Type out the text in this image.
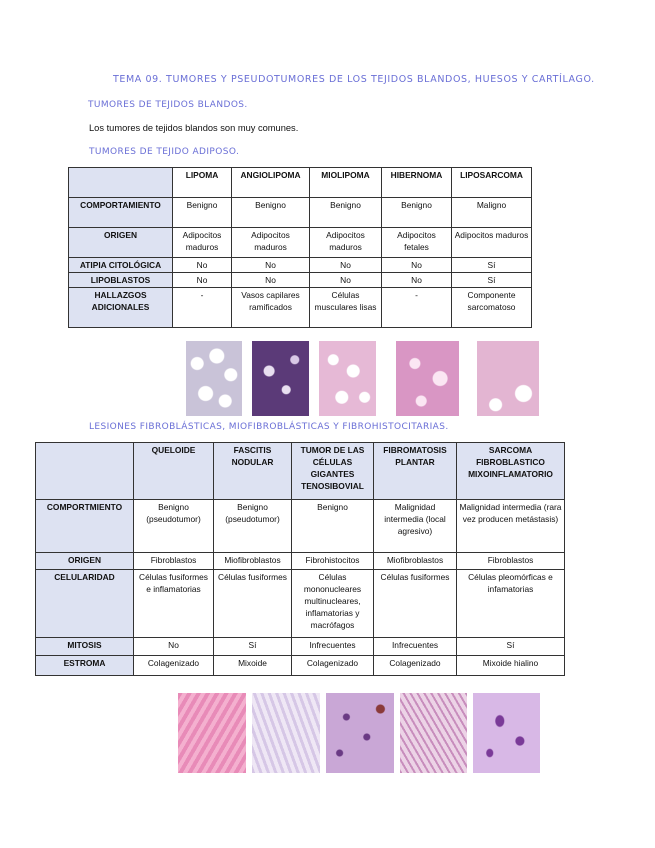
TEMA 09. TUMORES Y PSEUDOTUMORES DE LOS TEJIDOS BLANDOS, HUESOS Y CARTÍLAGO.
TUMORES DE TEJIDOS BLANDOS.
Los tumores de tejidos blandos son muy comunes.
TUMORES DE TEJIDO ADIPOSO.
	LIPOMA	ANGIOLIPOMA	MIOLIPOMA	HIBERNOMA	LIPOSARCOMA
COMPORTAMIENTO	Benigno	Benigno	Benigno	Benigno	Maligno
ORIGEN	Adipocitos maduros	Adipocitos maduros	Adipocitos maduros	Adipocitos fetales	Adipocitos maduros
ATIPIA CITOLÓGICA	No	No	No	No	Sí
LIPOBLASTOS	No	No	No	No	Sí
HALLAZGOS ADICIONALES	-	Vasos capilares ramificados	Células musculares lisas	-	Componente sarcomatoso
LESIONES FIBROBLÁSTICAS, MIOFIBROBLÁSTICAS Y FIBROHISTOCITARIAS.
	QUELOIDE	FASCITIS NODULAR	TUMOR DE LAS CÉLULAS GIGANTES TENOSIBOVIAL	FIBROMATOSIS PLANTAR	SARCOMA FIBROBLASTICO MIXOINFLAMATORIO
COMPORTMIENTO	Benigno (pseudotumor)	Benigno (pseudotumor)	Benigno	Malignidad intermedia (local agresivo)	Malignidad intermedia (rara vez producen metástasis)
ORIGEN	Fibroblastos	Miofibroblastos	Fibrohistocitos	Miofibroblastos	Fibroblastos
CELULARIDAD	Células fusiformes e inflamatorias	Células fusiformes	Células mononucleares multinucleares, inflamatorias y macrófagos	Células fusiformes	Células pleomórficas e infamatorias
MITOSIS	No	Sí	Infrecuentes	Infrecuentes	Sí
ESTROMA	Colagenizado	Mixoide	Colagenizado	Colagenizado	Mixoide hialino
